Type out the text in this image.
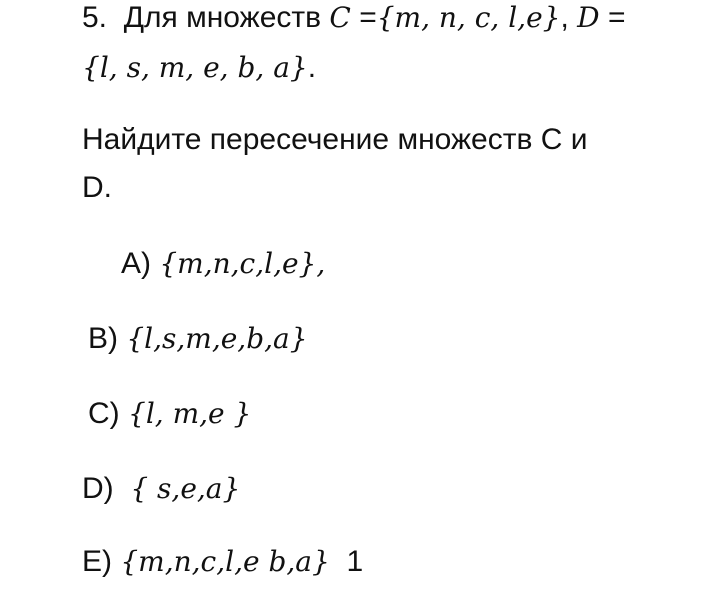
5. Для множеств C ={m, n, c, l,e}, D =
{l, s, m, e, b, a}.
Найдите пересечение множеств С и
D.
A) {m,n,c,l,e},
B) {l,s,m,e,b,a}
C) {l, m,e }
D) { s,e,a}
E) {m,n,c,l,e b,a} 1
